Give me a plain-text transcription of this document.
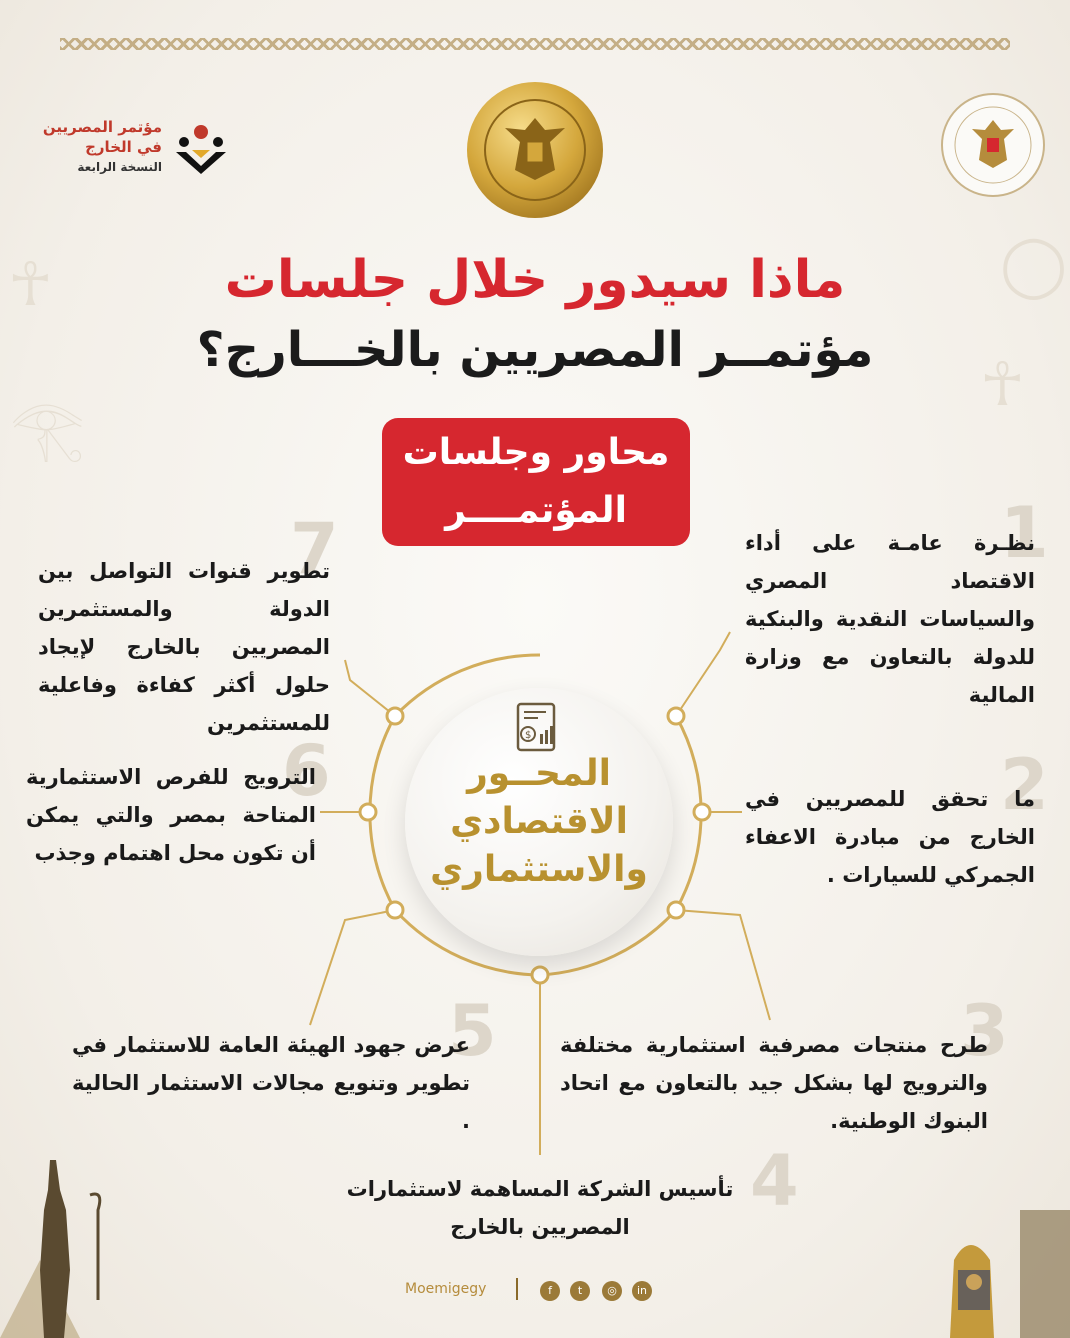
☥
𓂀
☥
◯
مؤتمر المصريين
في الخارج
النسخة الرابعة
ماذا سيدور خلال جلسات
مؤتمــر المصريين بالخـــارج؟
محاور وجلسات
المؤتمــــر	1
2
3
4
5
6
7	نظـرة عامـة على أداء الاقتصاد المصري والسياسات النقدية والبنكية للدولة بالتعاون مع وزارة المالية
ما تحقق للمصريين في الخارج من مبادرة الاعفاء الجمركي للسيارات .
طرح منتجات مصرفية استثمارية مختلفة والترويج لها بشكل جيد بالتعاون مع اتحاد البنوك الوطنية.
تأسيس الشركة المساهمة لاستثمارات المصريين بالخارج
عرض جهود الهيئة العامة للاستثمار في تطوير وتنويع مجالات الاستثمار الحالية .
الترويج للفرص الاستثمارية المتاحة بمصر والتي يمكن أن تكون محل اهتمام وجذب
تطوير قنوات التواصل بين الدولة والمستثمرين المصريين بالخارج لإيجاد حلول أكثر كفاءة وفاعلية للمستثمرين
$
المحــور
الاقتصادي
والاستثماري
Moemigegy	f	t	◎	in
